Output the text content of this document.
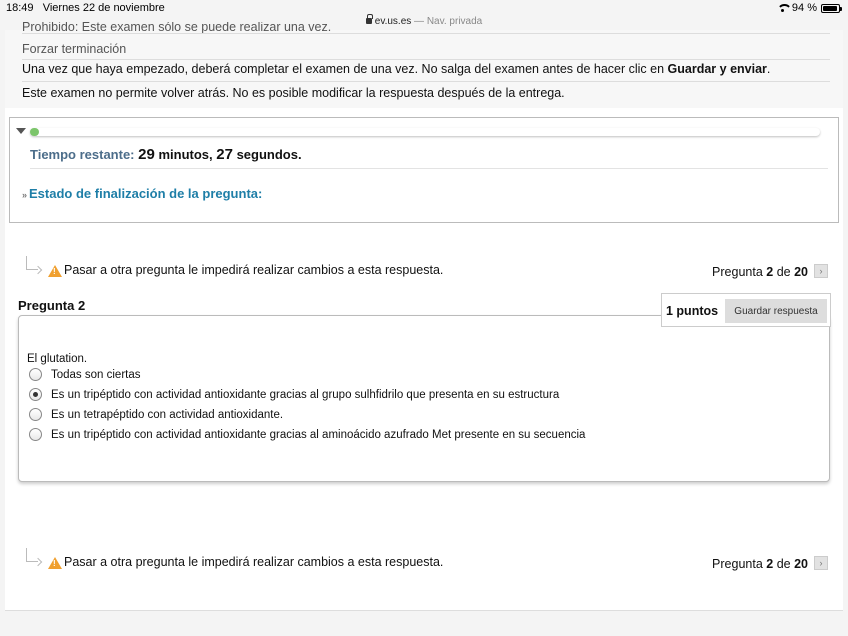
18:49 Viernes 22 de noviembre	94 %
ev.us.es — Nav. privada
Prohibido: Este examen sólo se puede realizar una vez.
Forzar terminación
Una vez que haya empezado, deberá completar el examen de una vez. No salga del examen antes de hacer clic en Guardar y enviar.
Este examen no permite volver atrás. No es posible modificar la respuesta después de la entrega.
Tiempo restante: 29 minutos, 27 segundos.
» Estado de finalización de la pregunta:
! Pasar a otra pregunta le impedirá realizar cambios a esta respuesta.	Pregunta 2 de 20	›
Pregunta 2
El glutation.
Todas son ciertas
Es un tripéptido con actividad antioxidante gracias al grupo sulhfidrilo que presenta en su estructura
Es un tetrapéptido con actividad antioxidante.
Es un tripéptido con actividad antioxidante gracias al aminoácido azufrado Met presente en su secuencia
1 puntos	Guardar respuesta
! Pasar a otra pregunta le impedirá realizar cambios a esta respuesta.	Pregunta 2 de 20	›
